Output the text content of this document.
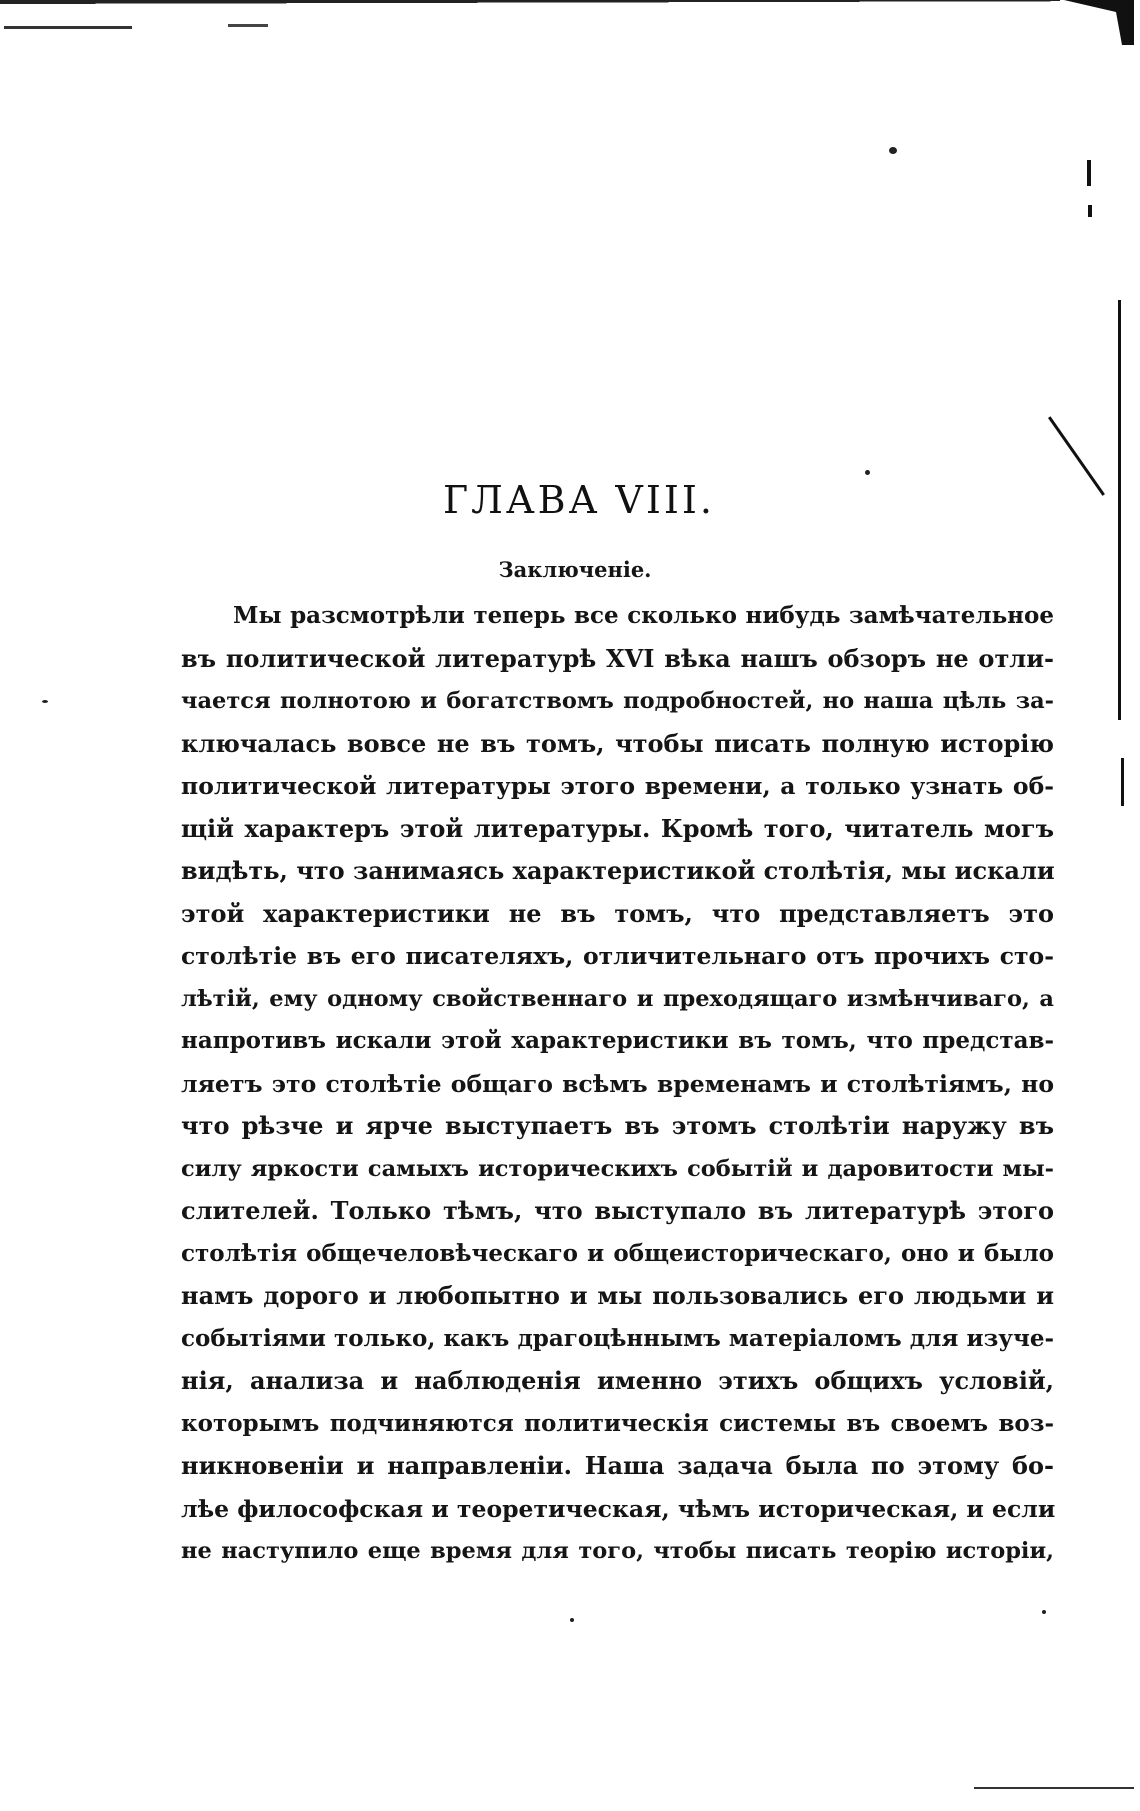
ГЛАВА VIII.
Заключеніе.
Мы разсмотрѣли теперь все сколько нибудь замѣчательное
въ политической литературѣ XVI вѣка нашъ обзоръ не отли-
чается полнотою и богатствомъ подробностей, но наша цѣль за-
ключалась вовсе не въ томъ, чтобы писать полную исторію
политической литературы этого времени, а только узнать об-
щій характеръ этой литературы. Кромѣ того, читатель могъ
видѣть, что занимаясь характеристикой столѣтія, мы искали
этой характеристики не въ томъ, что представляетъ это
столѣтіе въ его писателяхъ, отличительнаго отъ прочихъ сто-
лѣтій, ему одному свойственнаго и преходящаго измѣнчиваго, а
напротивъ искали этой характеристики въ томъ, что представ-
ляетъ это столѣтіе общаго всѣмъ временамъ и столѣтіямъ, но
что рѣзче и ярче выступаетъ въ этомъ столѣтіи наружу въ
силу яркости самыхъ историческихъ событій и даровитости мы-
слителей. Только тѣмъ, что выступало въ литературѣ этого
столѣтія общечеловѣческаго и общеисторическаго, оно и было
намъ дорого и любопытно и мы пользовались его людьми и
событіями только, какъ драгоцѣннымъ матеріаломъ для изуче-
нія, анализа и наблюденія именно этихъ общихъ условій,
которымъ подчиняются политическія системы въ своемъ воз-
никновеніи и направленіи. Наша задача была по этому бо-
лѣе философская и теоретическая, чѣмъ историческая, и если
не наступило еще время для того, чтобы писать теорію исторіи,
